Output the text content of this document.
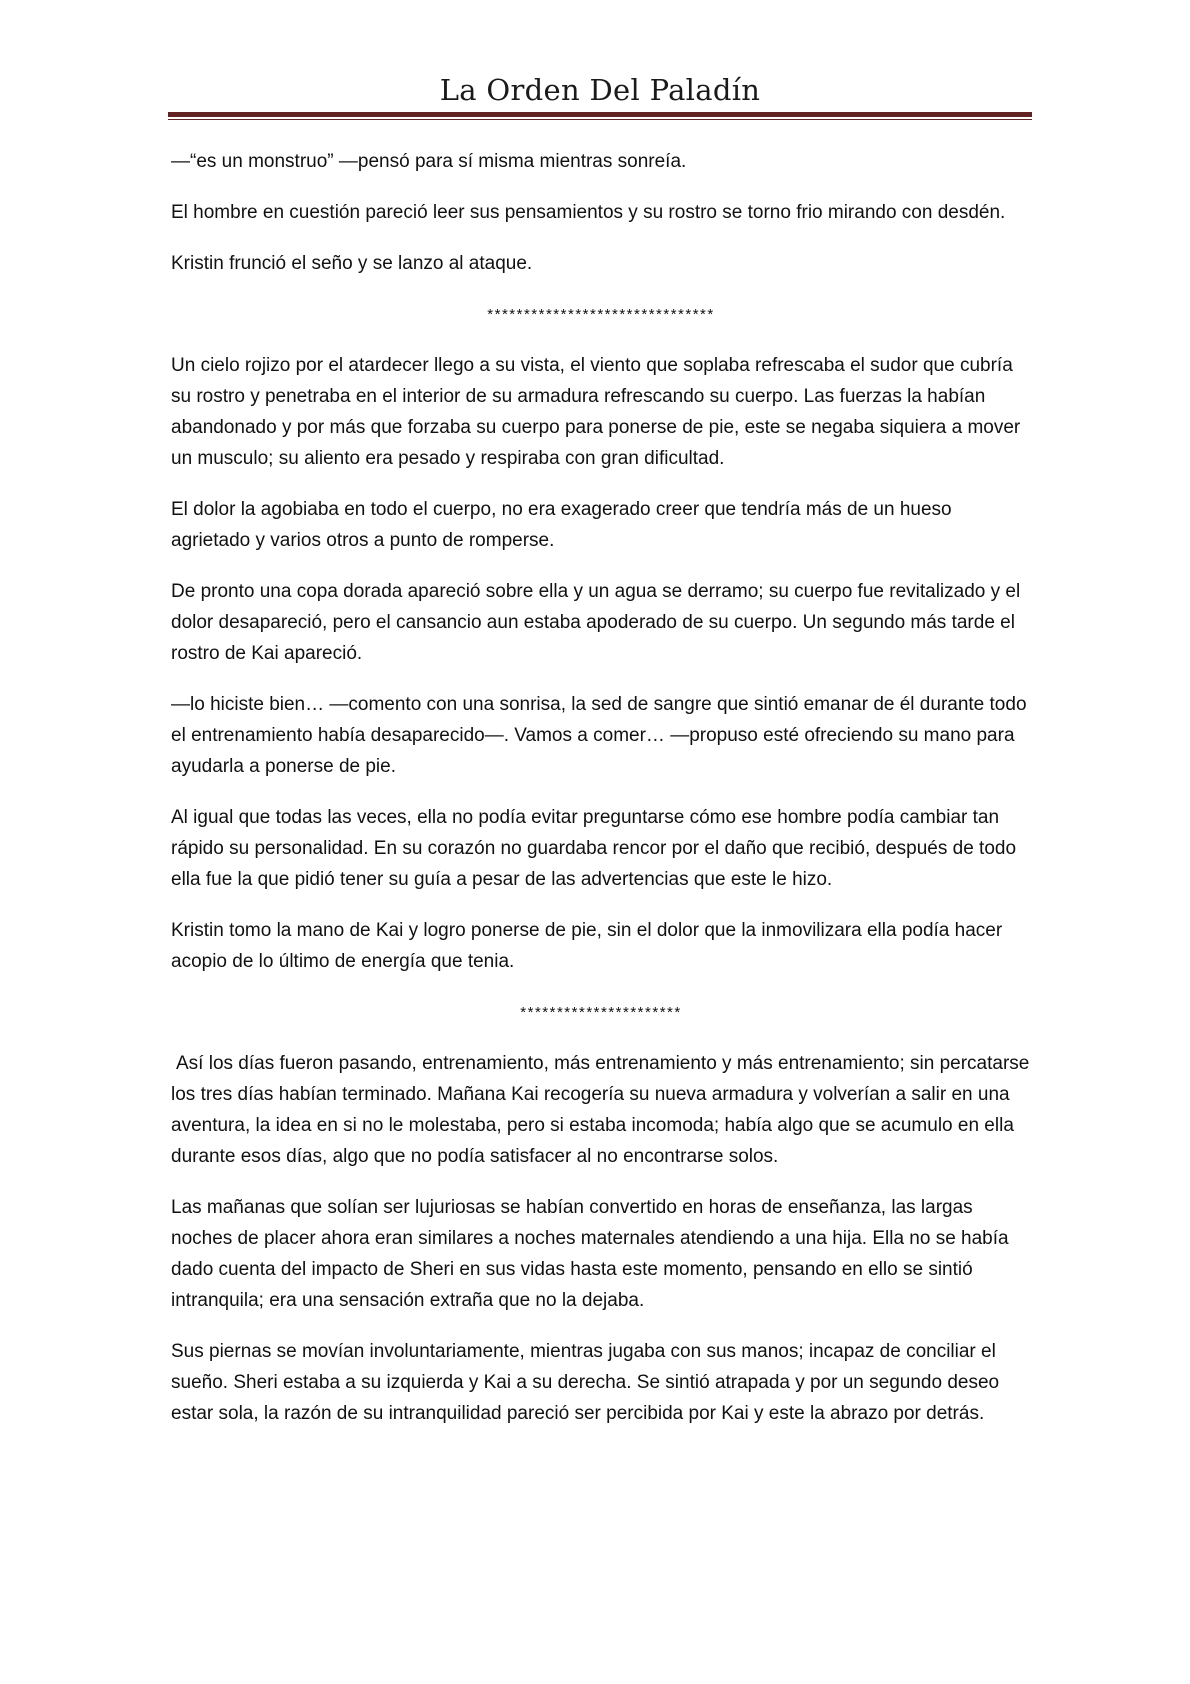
La Orden Del Paladín

—“es un monstruo” —pensó para sí misma mientras sonreía.

El hombre en cuestión pareció leer sus pensamientos y su rostro se torno frio mirando con desdén.

Kristin frunció el seño y se lanzo al ataque.

*******************************

Un cielo rojizo por el atardecer llego a su vista, el viento que soplaba refrescaba el sudor que cubría su rostro y penetraba en el interior de su armadura refrescando su cuerpo. Las fuerzas la habían abandonado y por más que forzaba su cuerpo para ponerse de pie, este se negaba siquiera a mover un musculo; su aliento era pesado y respiraba con gran dificultad.

El dolor la agobiaba en todo el cuerpo, no era exagerado creer que tendría más de un hueso agrietado y varios otros a punto de romperse.

De pronto una copa dorada apareció sobre ella y un agua se derramo; su cuerpo fue revitalizado y el dolor desapareció, pero el cansancio aun estaba apoderado de su cuerpo. Un segundo más tarde el rostro de Kai apareció.

—lo hiciste bien… —comento con una sonrisa, la sed de sangre que sintió emanar de él durante todo el entrenamiento había desaparecido—. Vamos a comer… —propuso esté ofreciendo su mano para ayudarla a ponerse de pie.

Al igual que todas las veces, ella no podía evitar preguntarse cómo ese hombre podía cambiar tan rápido su personalidad. En su corazón no guardaba rencor por el daño que recibió, después de todo ella fue la que pidió tener su guía a pesar de las advertencias que este le hizo.

Kristin tomo la mano de Kai y logro ponerse de pie, sin el dolor que la inmovilizara ella podía hacer acopio de lo último de energía que tenia.

**********************

Así los días fueron pasando, entrenamiento, más entrenamiento y más entrenamiento; sin percatarse los tres días habían terminado. Mañana Kai recogería su nueva armadura y volverían a salir en una aventura, la idea en si no le molestaba, pero si estaba incomoda; había algo que se acumulo en ella durante esos días, algo que no podía satisfacer al no encontrarse solos.

Las mañanas que solían ser lujuriosas se habían convertido en horas de enseñanza, las largas noches de placer ahora eran similares a noches maternales atendiendo a una hija. Ella no se había dado cuenta del impacto de Sheri en sus vidas hasta este momento, pensando en ello se sintió intranquila; era una sensación extraña que no la dejaba.

Sus piernas se movían involuntariamente, mientras jugaba con sus manos; incapaz de conciliar el sueño. Sheri estaba a su izquierda y Kai a su derecha. Se sintió atrapada y por un segundo deseo estar sola, la razón de su intranquilidad pareció ser percibida por Kai y este la abrazo por detrás.
